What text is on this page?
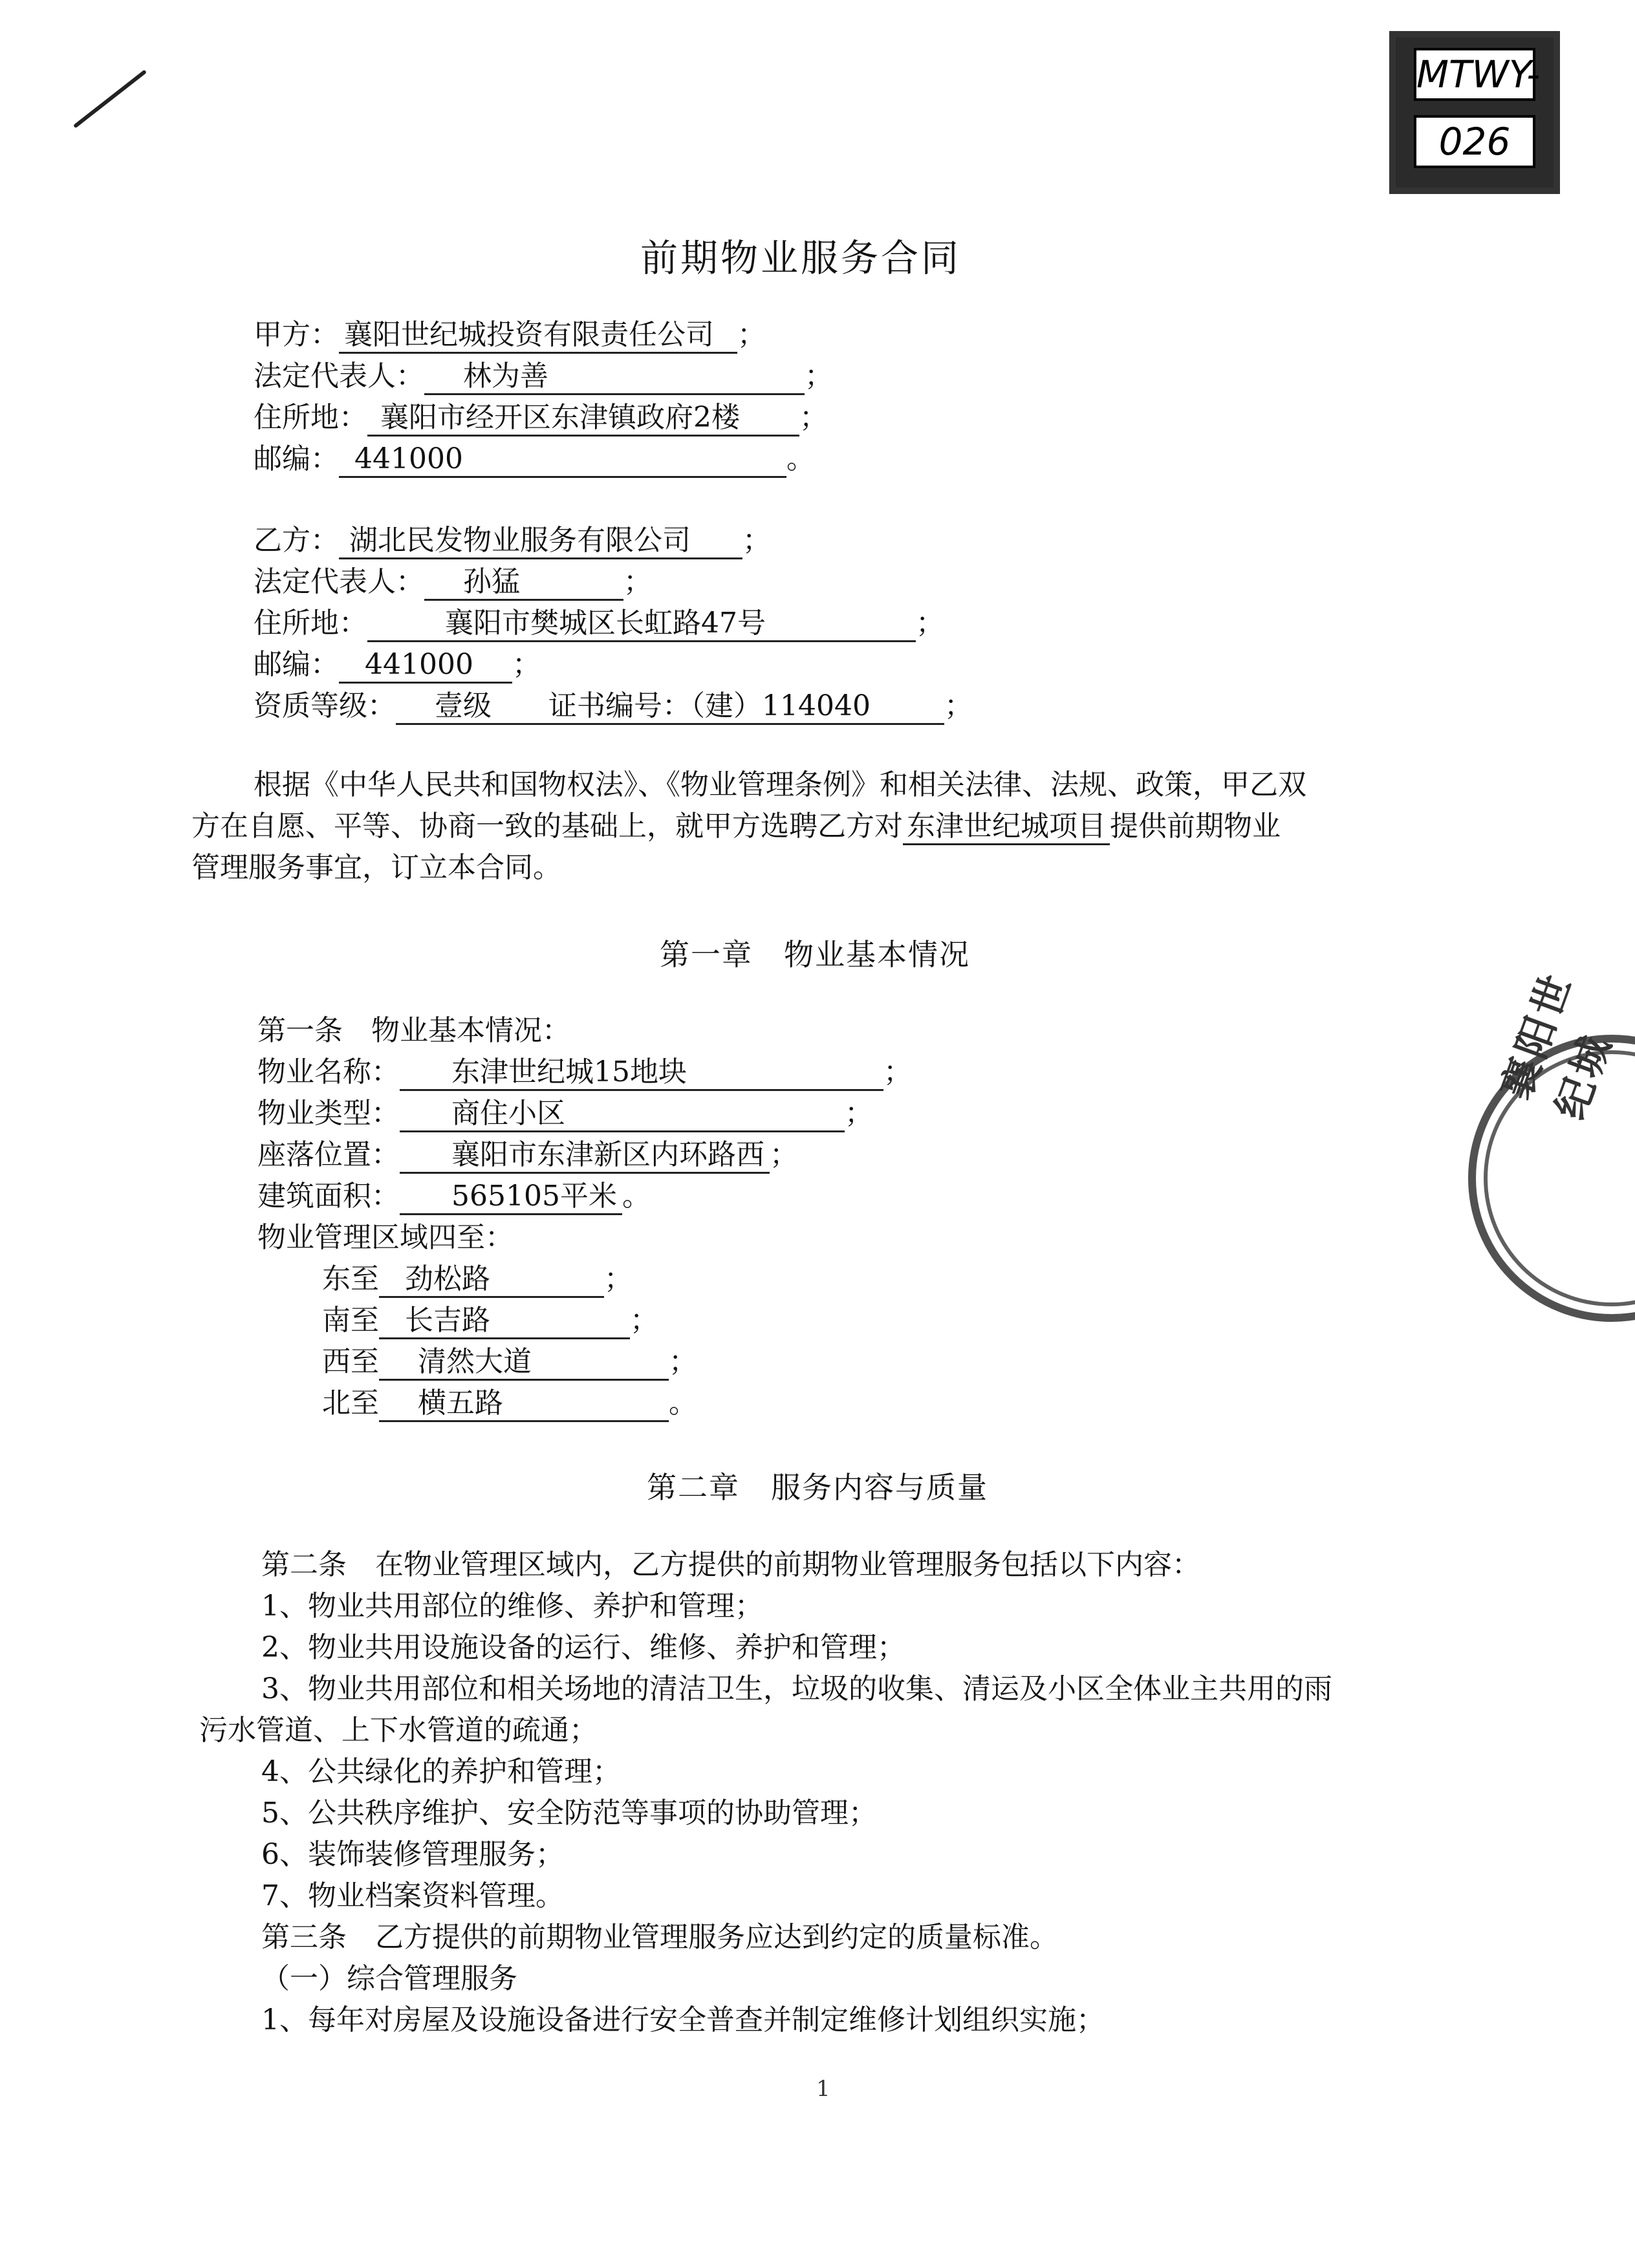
MTWY-
026
前期物业服务合同
甲方： 襄阳世纪城投资有限责任公司 ；
法定代表人： 林为善	；
住所地： 襄阳市经开区东津镇政府2楼 ；
邮编： 441000	。
乙方： 湖北民发物业服务有限公司 ；
法定代表人： 孙猛	；
住所地：	襄阳市樊城区长虹路47号	；
邮编： 441000 ；
资质等级： 壹级　　证书编号：（建）114040	；
根据《中华人民共和国物权法》、《物业管理条例》和相关法律、法规、政策，甲乙双
方在自愿、平等、协商一致的基础上，就甲方选聘乙方对 东津世纪城项目 提供前期物业
管理服务事宜，订立本合同。
第一章　物业基本情况
第一条　物业基本情况：
物业名称： 东津世纪城15地块	；
物业类型： 商住小区	；
座落位置： 襄阳市东津新区内环路西 ；
建筑面积： 565105平米 。
物业管理区域四至：
东至 劲松路	；
南至 长吉路	；
西至 清然大道	；
北至 横五路	。
第二章　服务内容与质量
第二条　在物业管理区域内，乙方提供的前期物业管理服务包括以下内容：
1、物业共用部位的维修、养护和管理；
2、物业共用设施设备的运行、维修、养护和管理；
3、物业共用部位和相关场地的清洁卫生，垃圾的收集、清运及小区全体业主共用的雨
污水管道、上下水管道的疏通；
4、公共绿化的养护和管理；
5、公共秩序维护、安全防范等事项的协助管理；
6、装饰装修管理服务；
7、物业档案资料管理。
第三条　乙方提供的前期物业管理服务应达到约定的质量标准。
（一）综合管理服务
1、每年对房屋及设施设备进行安全普查并制定维修计划组织实施；
1
襄阳世纪城
